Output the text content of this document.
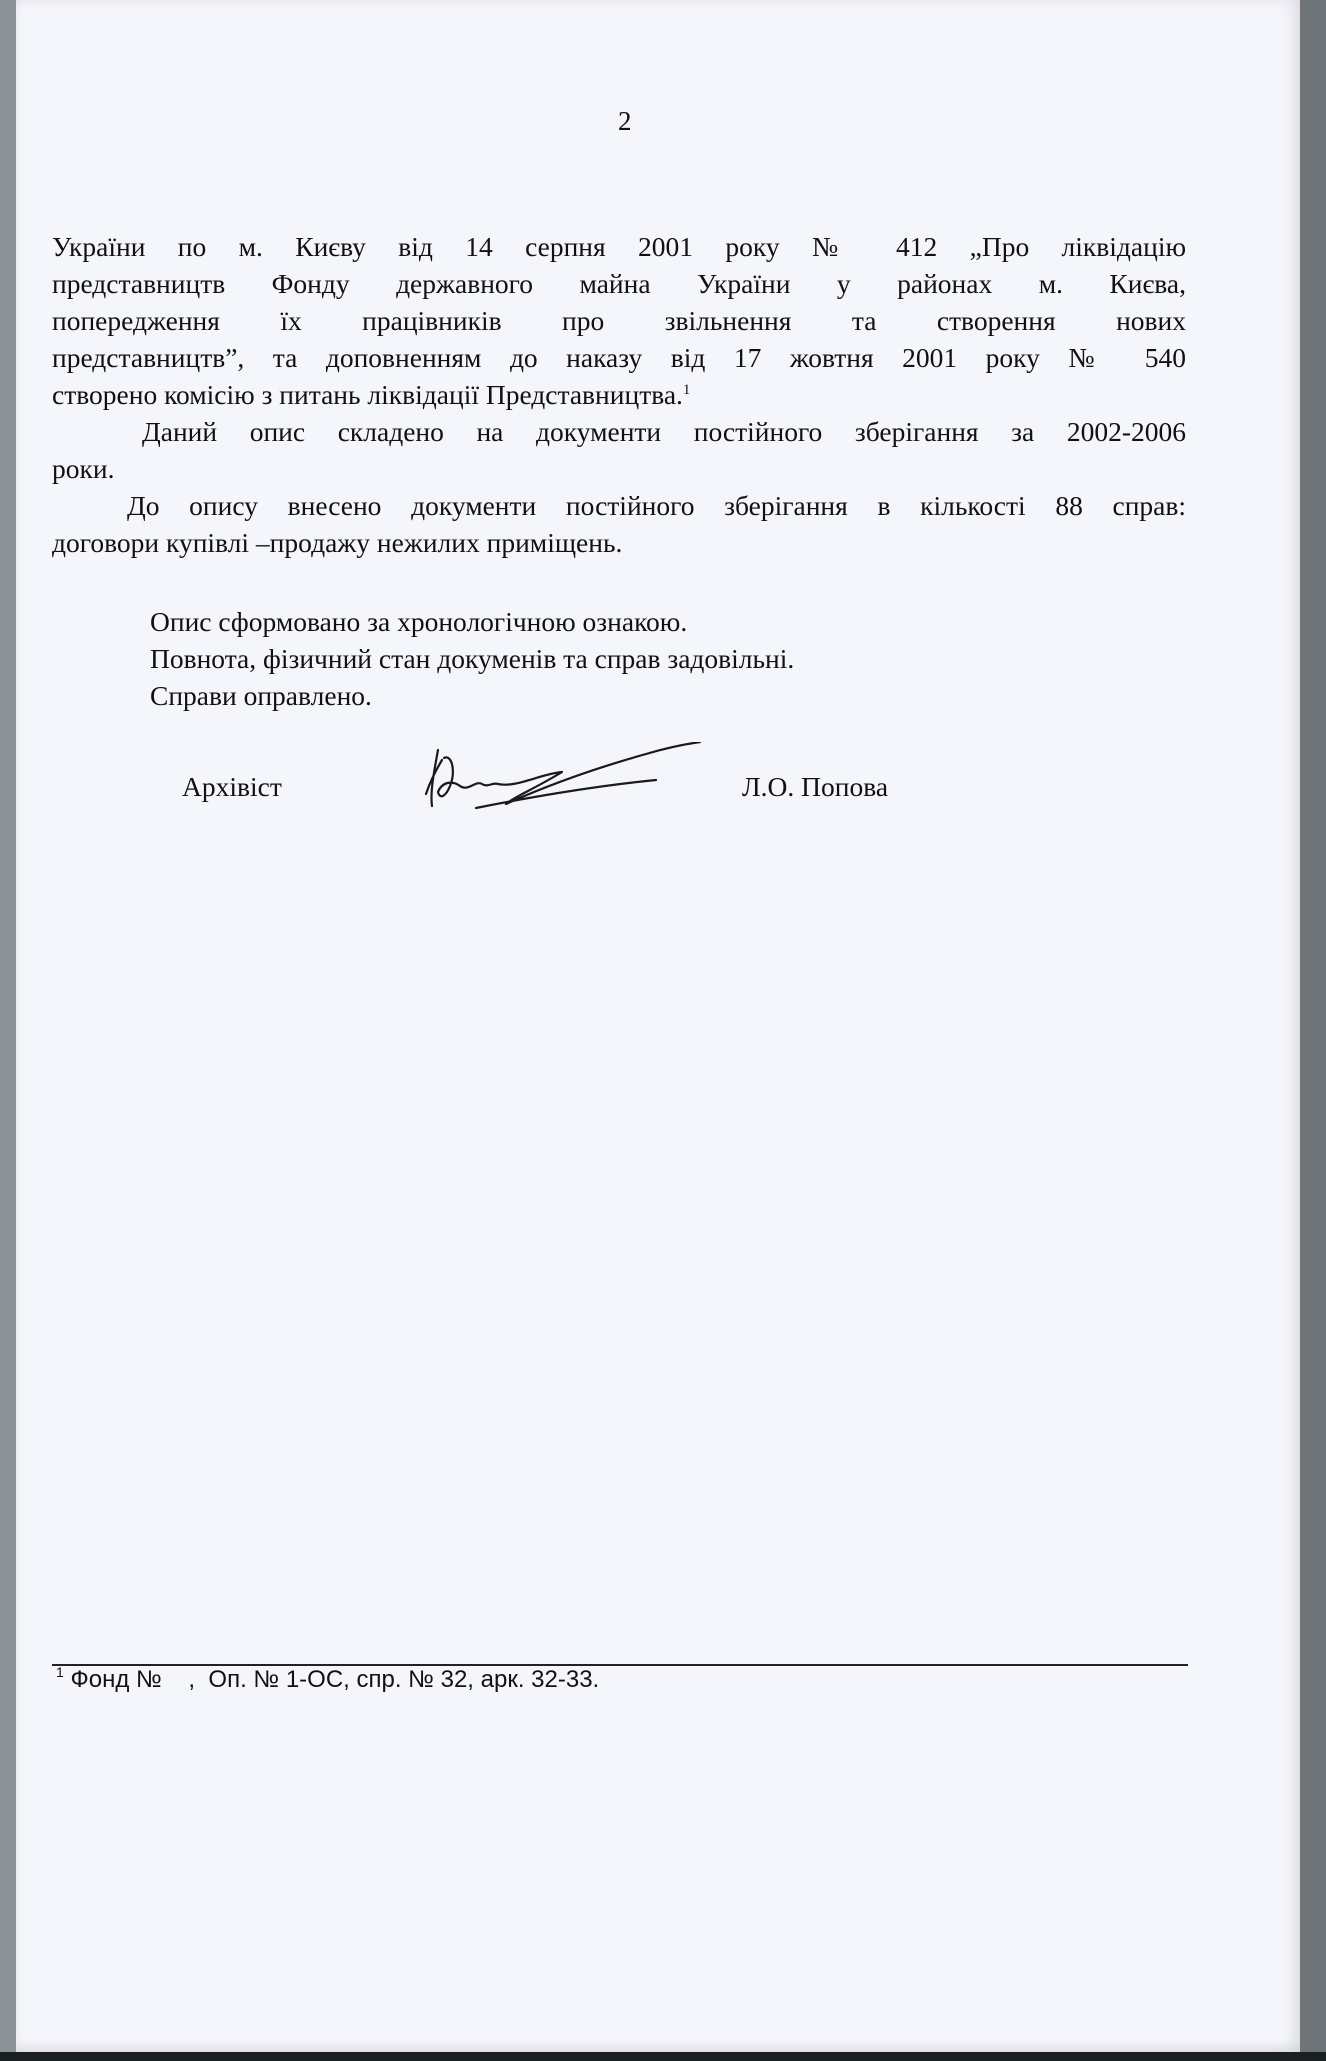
2

України по м. Києву від 14 серпня 2001 року № 412 „Про ліквідацію

представництв Фонду державного майна України у районах м. Києва,

попередження їх працівників про звільнення та створення нових

представництв”, та доповненням до наказу від 17 жовтня 2001 року № 540

створено комісію з питань ліквідації Представництва.$^1$

Даний опис складено на документи постійного зберігання за 2002-2006

роки.

До опису внесено документи постійного зберігання в кількості 88 справ:

договори купівлі –продажу нежилих приміщень.

Опис сформовано за хронологічною ознакою.

Повнота, фізичний стан докуменів та справ задовільні.

Справи оправлено.

Архівіст	Л.О. Попова
$^1$ Фонд №    ,  Оп. № 1-ОС, спр. № 32, арк. 32-33.
